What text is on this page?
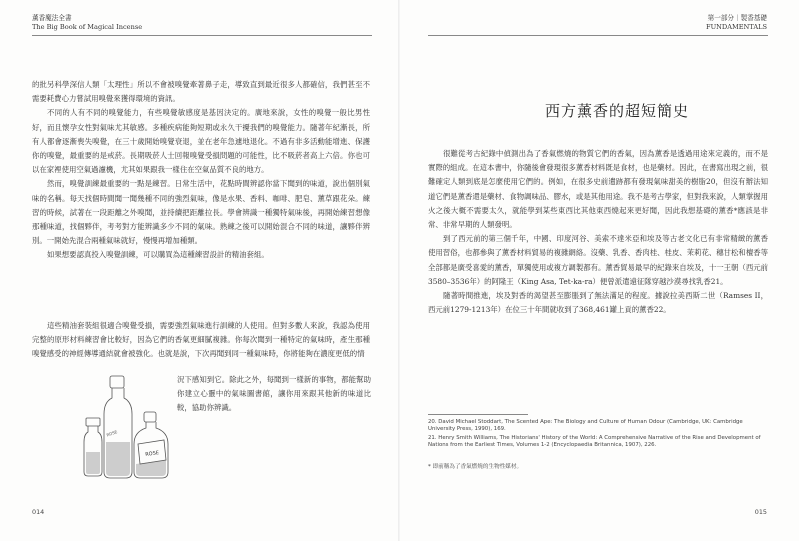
薰香魔法全書
The Big Book of Magical Incense

的批另科學深信人類「太理性」所以不會被嗅覺牽著鼻子走，導致直到最近很多人都確信，我們甚至不需要耗費心力嘗試用嗅覺來獲得環境的資訊。

不同的人有不同的嗅覺能力，有些嗅覺敏感度是基因決定的。廣地來說，女性的嗅覺一般比男性好，而且懷孕女性對氣味尤其敏感。多種疾病能夠短期或永久干擾我們的嗅覺能力。隨著年紀漸長，所有人都會逐漸喪失嗅覺，在三十歲開始嗅覺衰退，並在老年急遽地退化。不過有非多活動能增進、保護你的嗅覺，最重要的是戒菸。長期吸菸人士回報嗅覺受損問題的可能性，比不吸菸者高上六倍。你也可以在家裡使用空氣過濾機，尤其如果跟我一樣住在空氣品質不良的地方。

然而，嗅覺訓練最重要的一點是練習。日常生活中，花點時間辨認你當下聞到的味道，說出個別氣味的名稱。每天找個時間聞一聞幾種不同的強烈氣味，像是水果、香料、咖啡、肥皂、薰草跟花朵。練習的時候，試著在一段距離之外嗅聞，並持續把距離拉長。學會辨識一種獨特氣味後，再開始練習想像那種味道，找個夥伴，考考對方能辨識多少不同的氣味。熟練之後可以開始混合不同的味道，讓夥伴辨別。一開始先混合兩種氣味就好，慢慢再增加種類。

如果想要認真投入嗅覺訓練，可以購買為這種練習設計的精油套組。

這些精油套裝組很適合嗅覺受損，需要強烈氣味進行訓練的人使用。但對多數人來說，我認為使用完整的原形材料練習會比較好，因為它們的香氣更細膩複雜。你每次聞到一種特定的氣味時，產生那種嗅覺感受的神經傳導通結就會被強化。也就是說，下次再聞到同一種氣味時，你將能夠在濃度更低的情

況下感知到它。除此之外，每聞到一樣新的事物，都能幫助你建立心靈中的氣味圖書館，讓你用來跟其他新的味道比較，協助你辨識。

ROSE
ROSE
014
第一部分｜製香基礎
FUNDAMENTALS
西方薰香的超短簡史

很難從考古紀錄中偵測出為了香氣燃燒的物質它們的香氣，因為薰香是透過用途來定義的，而不是實際的組成。在這本書中，你隨後會發現很多薰香材料既是食材，也是藥材。因此，在書寫出現之前，很難確定人類到底是怎麼使用它們的。例如，在很多史前遺跡都有發現氣味甜美的樹脂20，但沒有辦法知道它們是薰香還是藥材、食物調味品、膠水，或是其他用途。我不是考古學家，但對我來說，人類掌握用火之後大概不需要太久，就能學到某些東西比其他東西燒起來更好聞，因此我想基礎的薰香*應該是非常、非常早期的人類發明。

到了西元前的第三個千年，中國、印度河谷、美索不達米亞和埃及等古老文化已有非常精緻的薰香使用習俗，也都參與了薰香材料貿易的複雜網絡。沒藥、乳香、香肉桂、桂皮、茉莉花、穗甘松和檀香等全部都是廣受喜愛的薰香，單獨使用或複方調製都有。薰香貿易最早的紀錄來自埃及，十一王朝（西元前3580–3536年）的阿隆王（King Asa, Tet-ka-ra）便曾派遣遠征隊穿越沙漠尋找乳香21。

隨著時間推進，埃及對香的渴望甚至膨脹到了無法滿足的程度。據說拉美西斯二世（Ramses II，西元前1279-1213年）在位三十年間就收到了368,461罐上貢的薰香22。

20. David Michael Stoddart, The Scented Ape: The Biology and Culture of Human Odour (Cambridge, UK: Cambridge University Press, 1990), 169.

21. Henry Smith Williams, The Historians' History of the World: A Comprehensive Narrative of the Rise and Development of Nations from the Earliest Times, Volumes 1-2 (Encyclopaedia Britannica, 1907), 226.

* 即前稱為了香氣燃燒的生物性媒材。
015
